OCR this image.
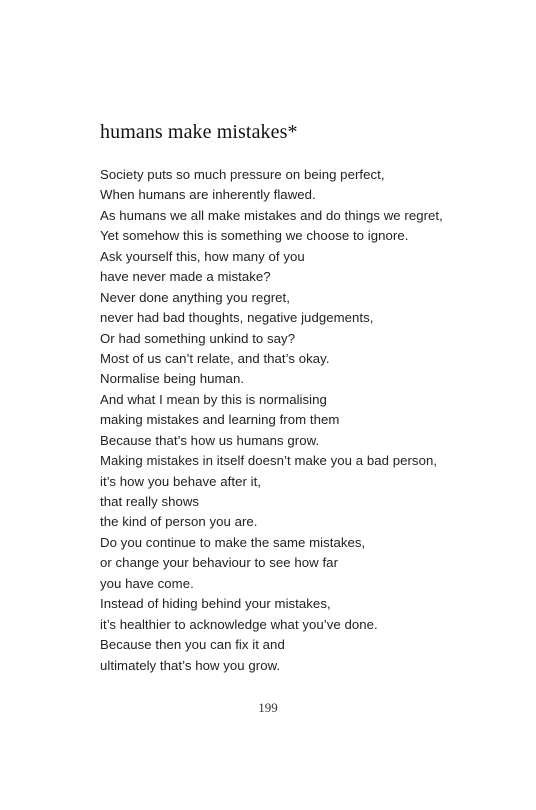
humans make mistakes*
Society puts so much pressure on being perfect,
When humans are inherently flawed.
As humans we all make mistakes and do things we regret,
Yet somehow this is something we choose to ignore.
Ask yourself this, how many of you
have never made a mistake?
Never done anything you regret,
never had bad thoughts, negative judgements,
Or had something unkind to say?
Most of us can’t relate, and that’s okay.
Normalise being human.
And what I mean by this is normalising
making mistakes and learning from them
Because that’s how us humans grow.
Making mistakes in itself doesn’t make you a bad person,
it’s how you behave after it,
that really shows
the kind of person you are.
Do you continue to make the same mistakes,
or change your behaviour to see how far
you have come.
Instead of hiding behind your mistakes,
it’s healthier to acknowledge what you’ve done.
Because then you can fix it and
ultimately that’s how you grow.
199
